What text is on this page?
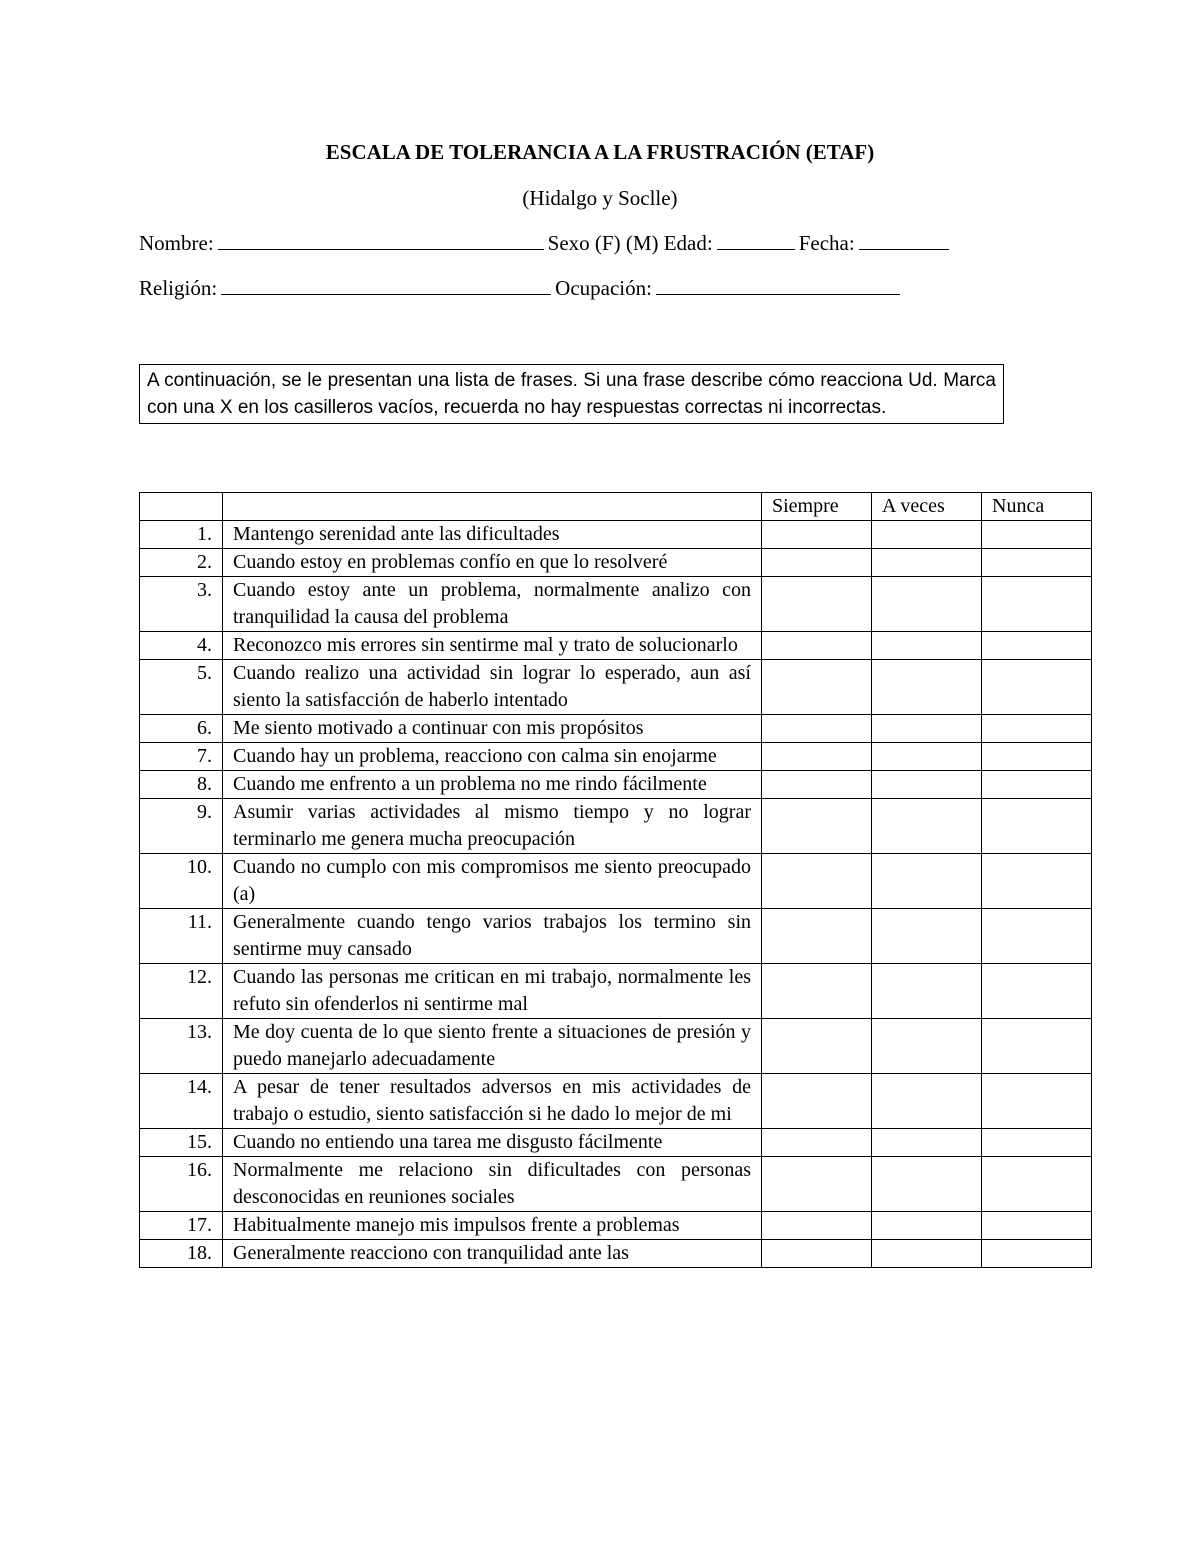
ESCALA DE TOLERANCIA A LA FRUSTRACIÓN (ETAF)
(Hidalgo y Soclle)
Nombre:	Sexo (F) (M) Edad:	Fecha:
Religión:	Ocupación:
A continuación, se le presentan una lista de frases. Si una frase describe cómo reacciona Ud. Marca con una X en los casilleros vacíos, recuerda no hay respuestas correctas ni incorrectas.
		Siempre	A veces	Nunca
1.	Mantengo serenidad ante las dificultades			
2.	Cuando estoy en problemas confío en que lo resolveré			
3.	Cuando estoy ante un problema, normalmente analizo con tranquilidad la causa del problema			
4.	Reconozco mis errores sin sentirme mal y trato de solucionarlo			
5.	Cuando realizo una actividad sin lograr lo esperado, aun así siento la satisfacción de haberlo intentado			
6.	Me siento motivado a continuar con mis propósitos			
7.	Cuando hay un problema, reacciono con calma sin enojarme			
8.	Cuando me enfrento a un problema no me rindo fácilmente			
9.	Asumir varias actividades al mismo tiempo y no lograr terminarlo me genera mucha preocupación			
10.	Cuando no cumplo con mis compromisos me siento preocupado (a)			
11.	Generalmente cuando tengo varios trabajos los termino sin sentirme muy cansado			
12.	Cuando las personas me critican en mi trabajo, normalmente les refuto sin ofenderlos ni sentirme mal			
13.	Me doy cuenta de lo que siento frente a situaciones de presión y puedo manejarlo adecuadamente			
14.	A pesar de tener resultados adversos en mis actividades de trabajo o estudio, siento satisfacción si he dado lo mejor de mi			
15.	Cuando no entiendo una tarea me disgusto fácilmente			
16.	Normalmente me relaciono sin dificultades con personas desconocidas en reuniones sociales			
17.	Habitualmente manejo mis impulsos frente a problemas			
18.	Generalmente reacciono con tranquilidad ante las			
